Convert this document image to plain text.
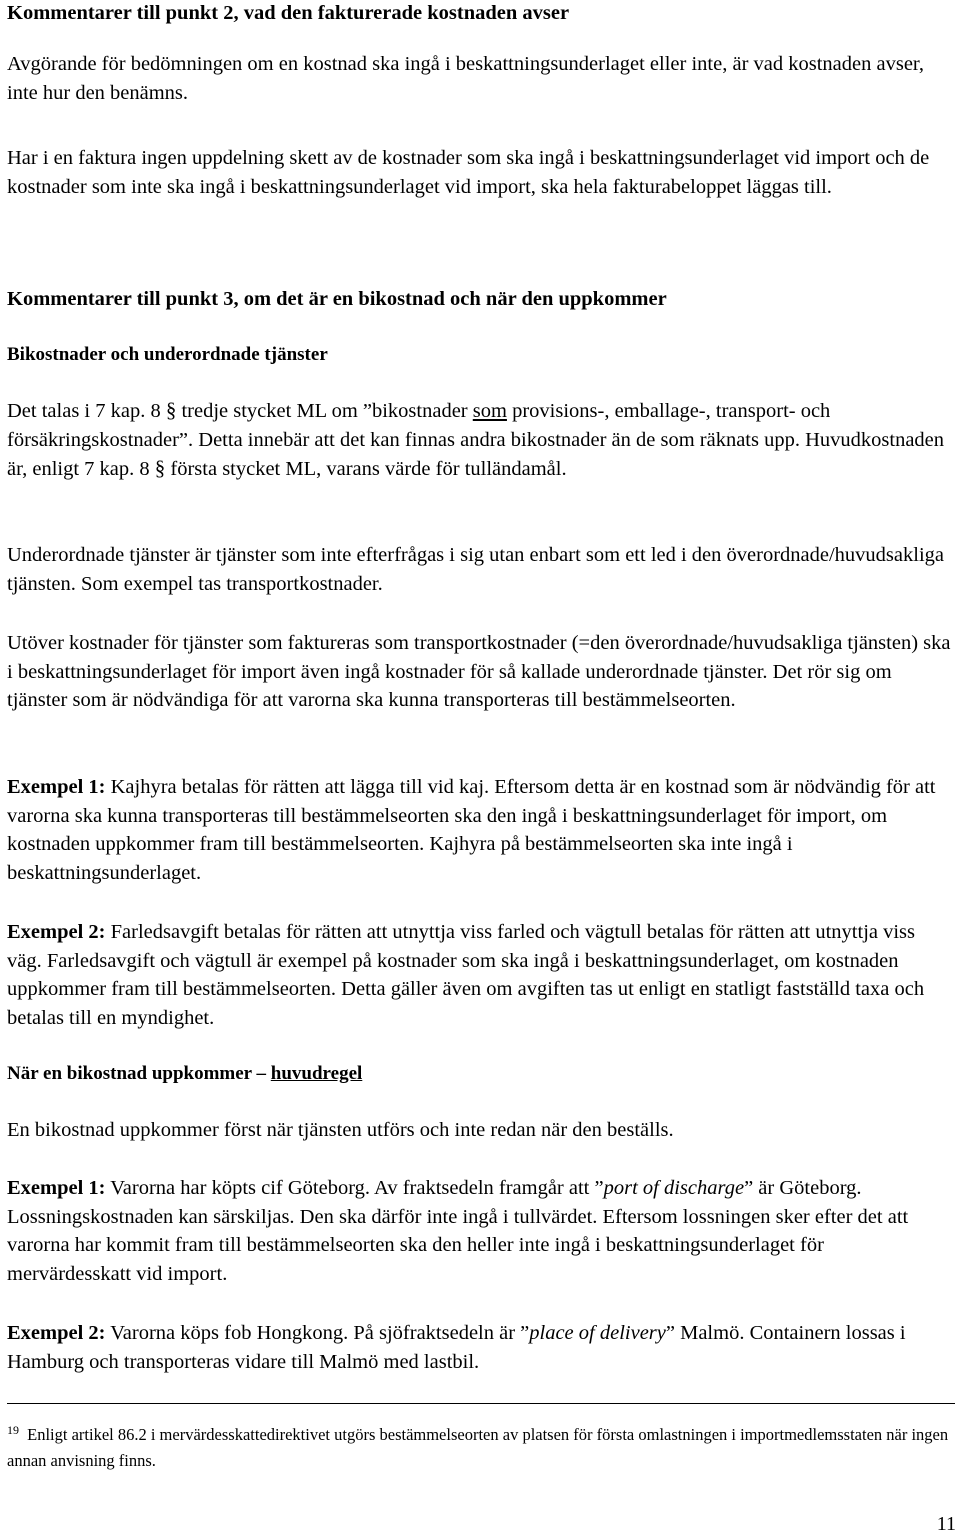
Kommentarer till punkt 2, vad den fakturerade kostnaden avser

Avgörande för bedömningen om en kostnad ska ingå i beskattningsunderlaget eller inte, är vad kostnaden avser, inte hur den benämns.

Har i en faktura ingen uppdelning skett av de kostnader som ska ingå i beskattningsunderlaget vid import och de kostnader som inte ska ingå i beskattningsunderlaget vid import, ska hela fakturabeloppet läggas till.

Kommentarer till punkt 3, om det är en bikostnad och när den uppkommer
Bikostnader och underordnade tjänster

Det talas i 7 kap. 8 § tredje stycket ML om ”bikostnader som provisions-, emballage-, transport- och försäkringskostnader”. Detta innebär att det kan finnas andra bikostnader än de som räknats upp. Huvudkostnaden är, enligt 7 kap. 8 § första stycket ML, varans värde för tulländamål.

Underordnade tjänster är tjänster som inte efterfrågas i sig utan enbart som ett led i den överordnade/huvudsakliga tjänsten. Som exempel tas transportkostnader.

Utöver kostnader för tjänster som faktureras som transportkostnader (=den överordnade/huvudsakliga tjänsten) ska i beskattningsunderlaget för import även ingå kostnader för så kallade underordnade tjänster. Det rör sig om tjänster som är nödvändiga för att varorna ska kunna transporteras till bestämmelseorten.

Exempel 1: Kajhyra betalas för rätten att lägga till vid kaj. Eftersom detta är en kostnad som är nödvändig för att varorna ska kunna transporteras till bestämmelseorten ska den ingå i beskattningsunderlaget för import, om kostnaden uppkommer fram till bestämmelseorten. Kajhyra på bestämmelseorten ska inte ingå i beskattningsunderlaget.

Exempel 2: Farledsavgift betalas för rätten att utnyttja viss farled och vägtull betalas för rätten att utnyttja viss väg. Farledsavgift och vägtull är exempel på kostnader som ska ingå i beskattningsunderlaget, om kostnaden uppkommer fram till bestämmelseorten. Detta gäller även om avgiften tas ut enligt en statligt fastställd taxa och betalas till en myndighet.

När en bikostnad uppkommer – huvudregel

En bikostnad uppkommer först när tjänsten utförs och inte redan när den beställs.

Exempel 1: Varorna har köpts cif Göteborg. Av fraktsedeln framgår att ”port of discharge” är Göteborg. Lossningskostnaden kan särskiljas. Den ska därför inte ingå i tullvärdet. Eftersom lossningen sker efter det att varorna har kommit fram till bestämmelseorten ska den heller inte ingå i beskattningsunderlaget för mervärdesskatt vid import.

Exempel 2: Varorna köps fob Hongkong. På sjöfraktsedeln är ”place of delivery” Malmö. Containern lossas i Hamburg och transporteras vidare till Malmö med lastbil.

$^{19}$ Enligt artikel 86.2 i mervärdesskattedirektivet utgörs bestämmelseorten av platsen för första omlastningen i importmedlemsstaten när ingen annan anvisning finns.

11
